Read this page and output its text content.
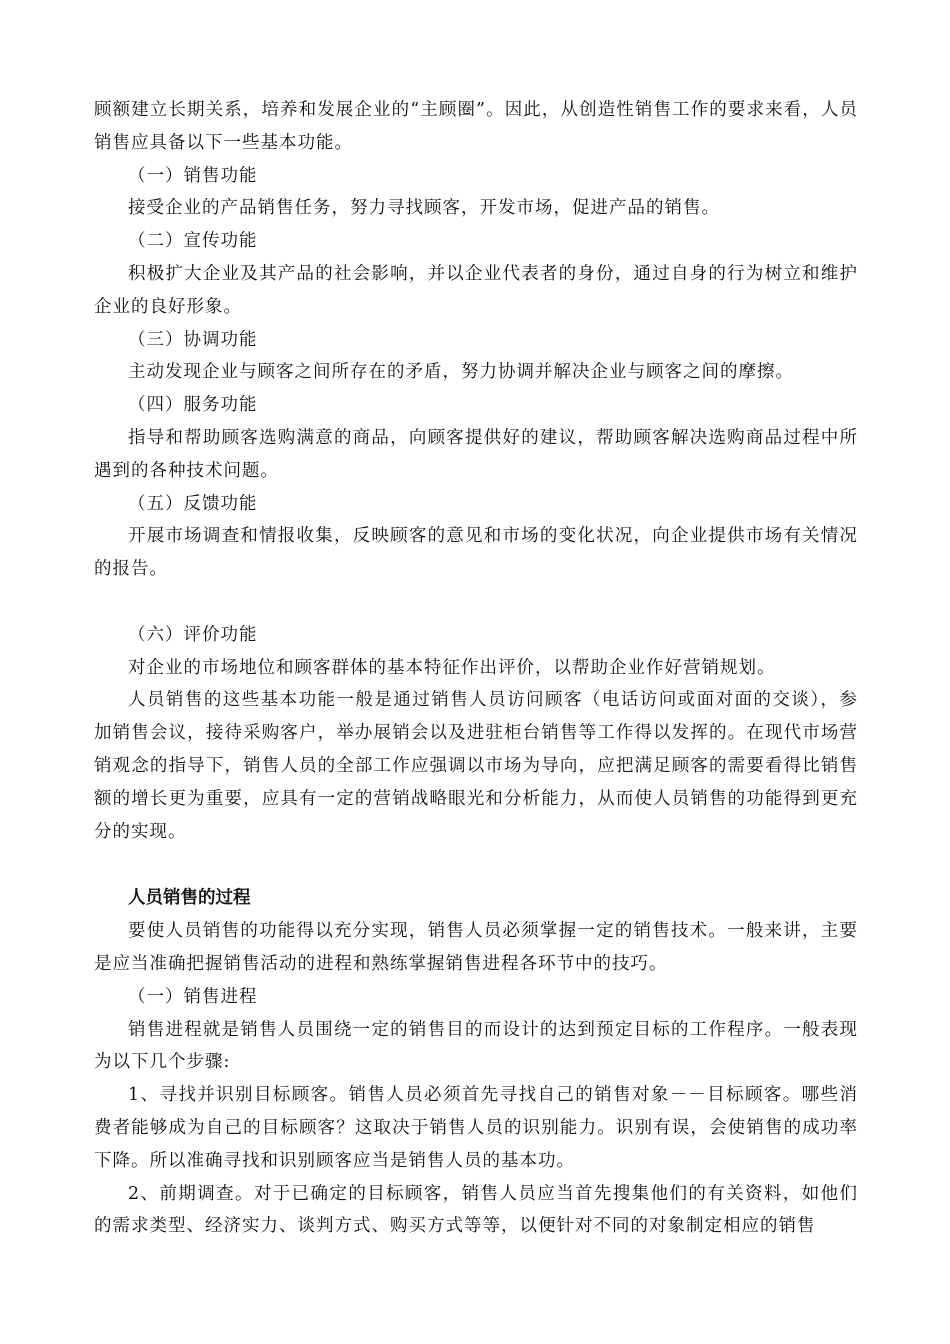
顾额建立长期关系，培养和发展企业的“主顾圈”。因此，从创造性销售工作的要求来看，人员销售应具备以下一些基本功能。

（一）销售功能

接受企业的产品销售任务，努力寻找顾客，开发市场，促进产品的销售。

（二）宣传功能

积极扩大企业及其产品的社会影响，并以企业代表者的身份，通过自身的行为树立和维护企业的良好形象。

（三）协调功能

主动发现企业与顾客之间所存在的矛盾，努力协调并解决企业与顾客之间的摩擦。

（四）服务功能

指导和帮助顾客选购满意的商品，向顾客提供好的建议，帮助顾客解决选购商品过程中所遇到的各种技术问题。

（五）反馈功能

开展市场调查和情报收集，反映顾客的意见和市场的变化状况，向企业提供市场有关情况的报告。

（六）评价功能

对企业的市场地位和顾客群体的基本特征作出评价，以帮助企业作好营销规划。

人员销售的这些基本功能一般是通过销售人员访问顾客（电话访问或面对面的交谈），参加销售会议，接待采购客户，举办展销会以及进驻柜台销售等工作得以发挥的。在现代市场营销观念的指导下，销售人员的全部工作应强调以市场为导向，应把满足顾客的需要看得比销售额的增长更为重要，应具有一定的营销战略眼光和分析能力，从而使人员销售的功能得到更充分的实现。

人员销售的过程

要使人员销售的功能得以充分实现，销售人员必须掌握一定的销售技术。一般来讲，主要是应当准确把握销售活动的进程和熟练掌握销售进程各环节中的技巧。

（一）销售进程

销售进程就是销售人员围绕一定的销售目的而设计的达到预定目标的工作程序。一般表现为以下几个步骤:

1、寻找并识别目标顾客。销售人员必须首先寻找自己的销售对象－－目标顾客。哪些消费者能够成为自己的目标顾客？这取决于销售人员的识别能力。识别有误，会使销售的成功率下降。所以准确寻找和识别顾客应当是销售人员的基本功。

2、前期调查。对于已确定的目标顾客，销售人员应当首先搜集他们的有关资料，如他们的需求类型、经济实力、谈判方式、购买方式等等，以便针对不同的对象制定相应的销售
